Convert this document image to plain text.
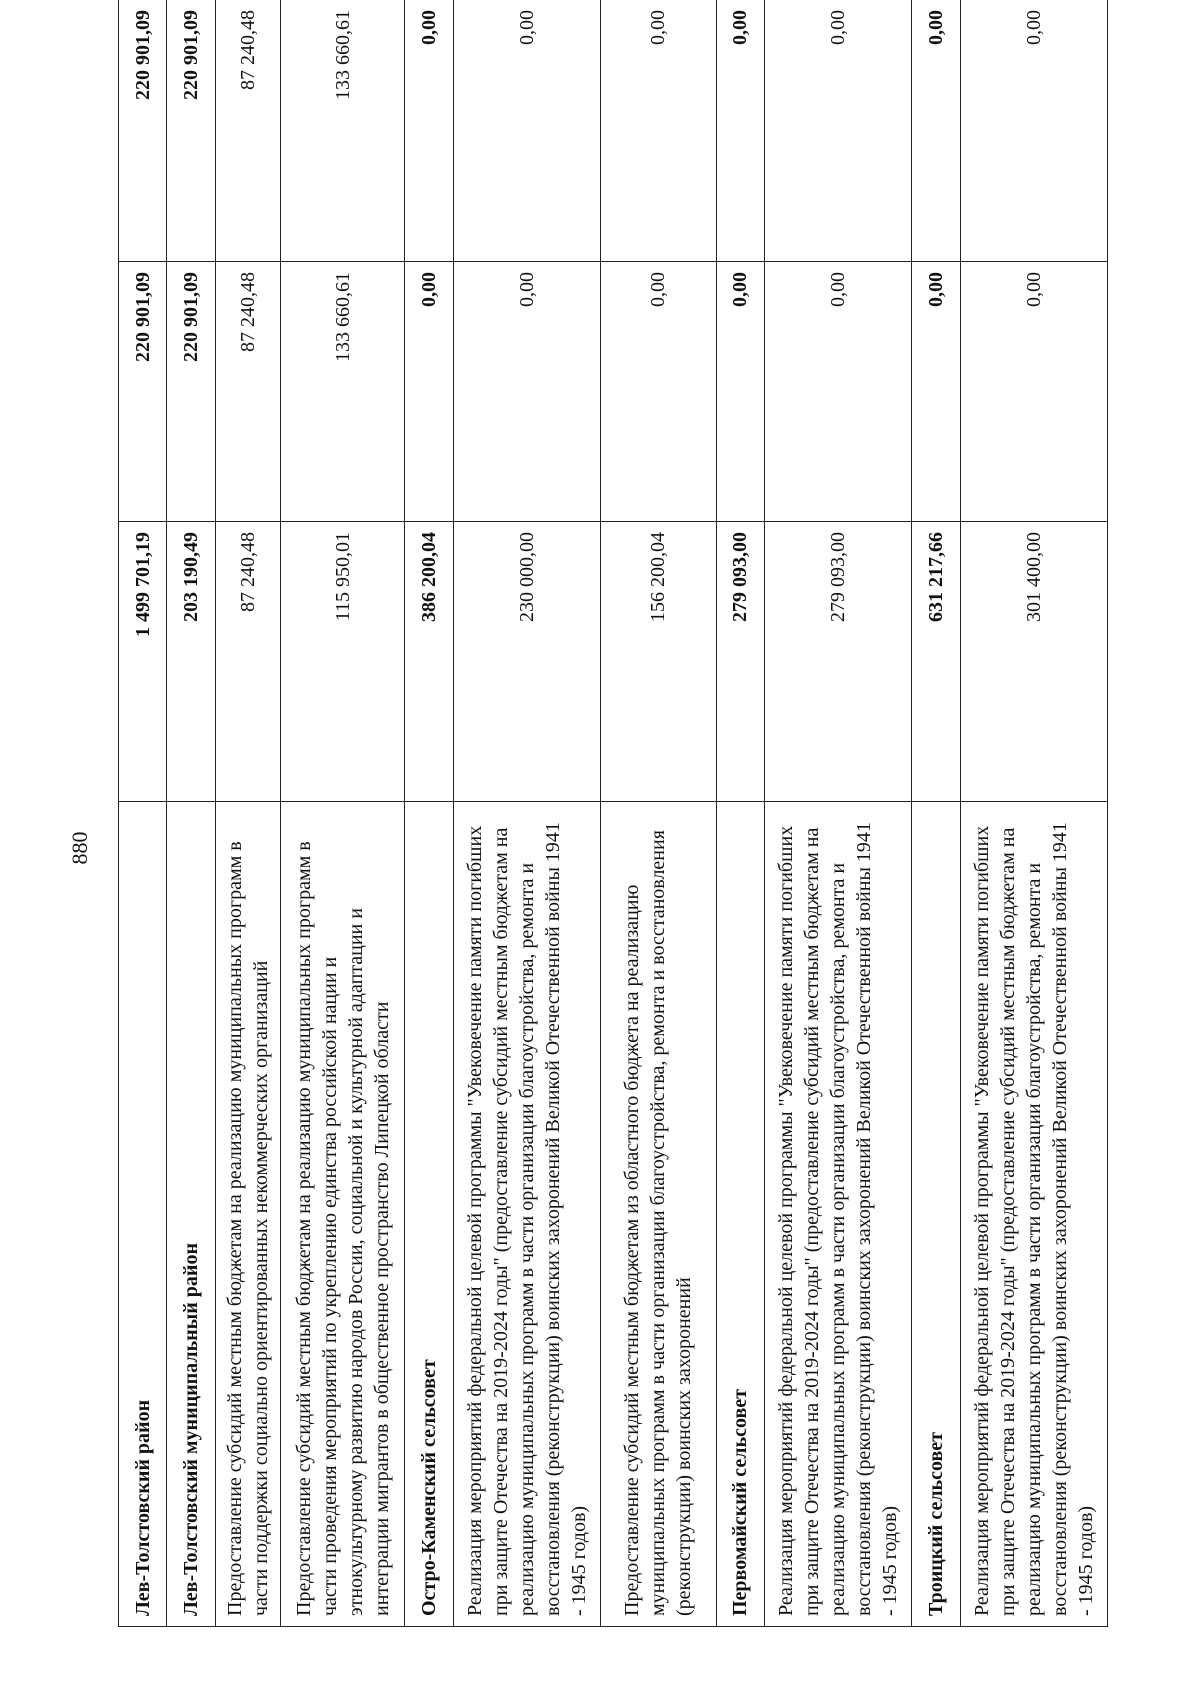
880
Лев-Толстовский район	1 499 701,19	220 901,09	220 901,09
Лев-Толстовский муниципальный район	203 190,49	220 901,09	220 901,09
Предоставление субсидий местным бюджетам на реализацию муниципальных программ в части поддержки социально ориентированных некоммерческих организаций	87 240,48	87 240,48	87 240,48
Предоставление субсидий местным бюджетам на реализацию муниципальных программ в части проведения мероприятий по укреплению единства российской нации и этнокультурному развитию народов России, социальной и культурной адаптации и интеграции мигрантов в общественное пространство Липецкой области	115 950,01	133 660,61	133 660,61
Остро-Каменский сельсовет	386 200,04	0,00	0,00
Реализация мероприятий федеральной целевой программы "Увековечение памяти погибших при защите Отечества на 2019-2024 годы" (предоставление субсидий местным бюджетам на реализацию муниципальных программ в части организации благоустройства, ремонта и восстановления (реконструкции) воинских захоронений Великой Отечественной войны 1941 - 1945 годов)	230 000,00	0,00	0,00
Предоставление субсидий местным бюджетам из областного бюджета на реализацию муниципальных программ в части организации благоустройства, ремонта и восстановления (реконструкции) воинских захоронений	156 200,04	0,00	0,00
Первомайский сельсовет	279 093,00	0,00	0,00
Реализация мероприятий федеральной целевой программы "Увековечение памяти погибших при защите Отечества на 2019-2024 годы" (предоставление субсидий местным бюджетам на реализацию муниципальных программ в части организации благоустройства, ремонта и восстановления (реконструкции) воинских захоронений Великой Отечественной войны 1941 - 1945 годов)	279 093,00	0,00	0,00
Троицкий сельсовет	631 217,66	0,00	0,00
Реализация мероприятий федеральной целевой программы "Увековечение памяти погибших при защите Отечества на 2019-2024 годы" (предоставление субсидий местным бюджетам на реализацию муниципальных программ в части организации благоустройства, ремонта и восстановления (реконструкции) воинских захоронений Великой Отечественной войны 1941 - 1945 годов)	301 400,00	0,00	0,00
